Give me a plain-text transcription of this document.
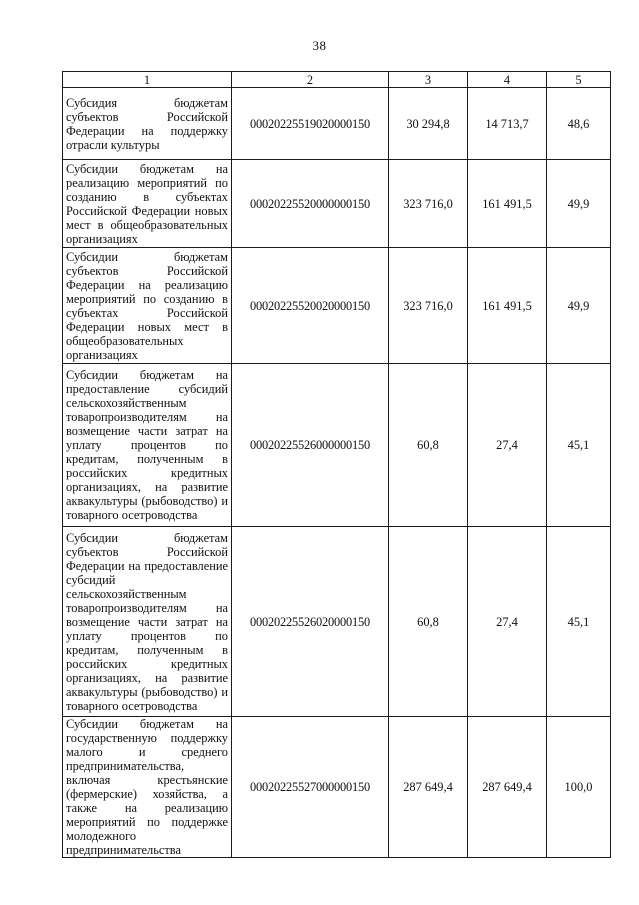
38
1	2	3	4	5
Субсидия бюджетам субъектов Российской Федерации на поддержку отрасли культуры	00020225519020000150	30 294,8	14 713,7	48,6
Субсидии бюджетам на реализацию мероприятий по созданию в субъектах Российской Федерации новых мест в общеобразовательных организациях	00020225520000000150	323 716,0	161 491,5	49,9
Субсидии бюджетам субъектов Российской Федерации на реализацию мероприятий по созданию в субъектах Российской Федерации новых мест в общеобразовательных организациях	00020225520020000150	323 716,0	161 491,5	49,9
Субсидии бюджетам на предоставление субсидий сельскохозяйственным товаропроизводителям на возмещение части затрат на уплату процентов по кредитам, полученным в российских кредитных организациях, на развитие аквакультуры (рыбоводство) и товарного осетроводства	00020225526000000150	60,8	27,4	45,1
Субсидии бюджетам субъектов Российской Федерации на предоставление субсидий сельскохозяйственным товаропроизводителям на возмещение части затрат на уплату процентов по кредитам, полученным в российских кредитных организациях, на развитие аквакультуры (рыбоводство) и товарного осетроводства	00020225526020000150	60,8	27,4	45,1
Субсидии бюджетам на государственную поддержку малого и среднего предпринимательства, включая крестьянские (фермерские) хозяйства, а также на реализацию мероприятий по поддержке молодежного предпринимательства	00020225527000000150	287 649,4	287 649,4	100,0
